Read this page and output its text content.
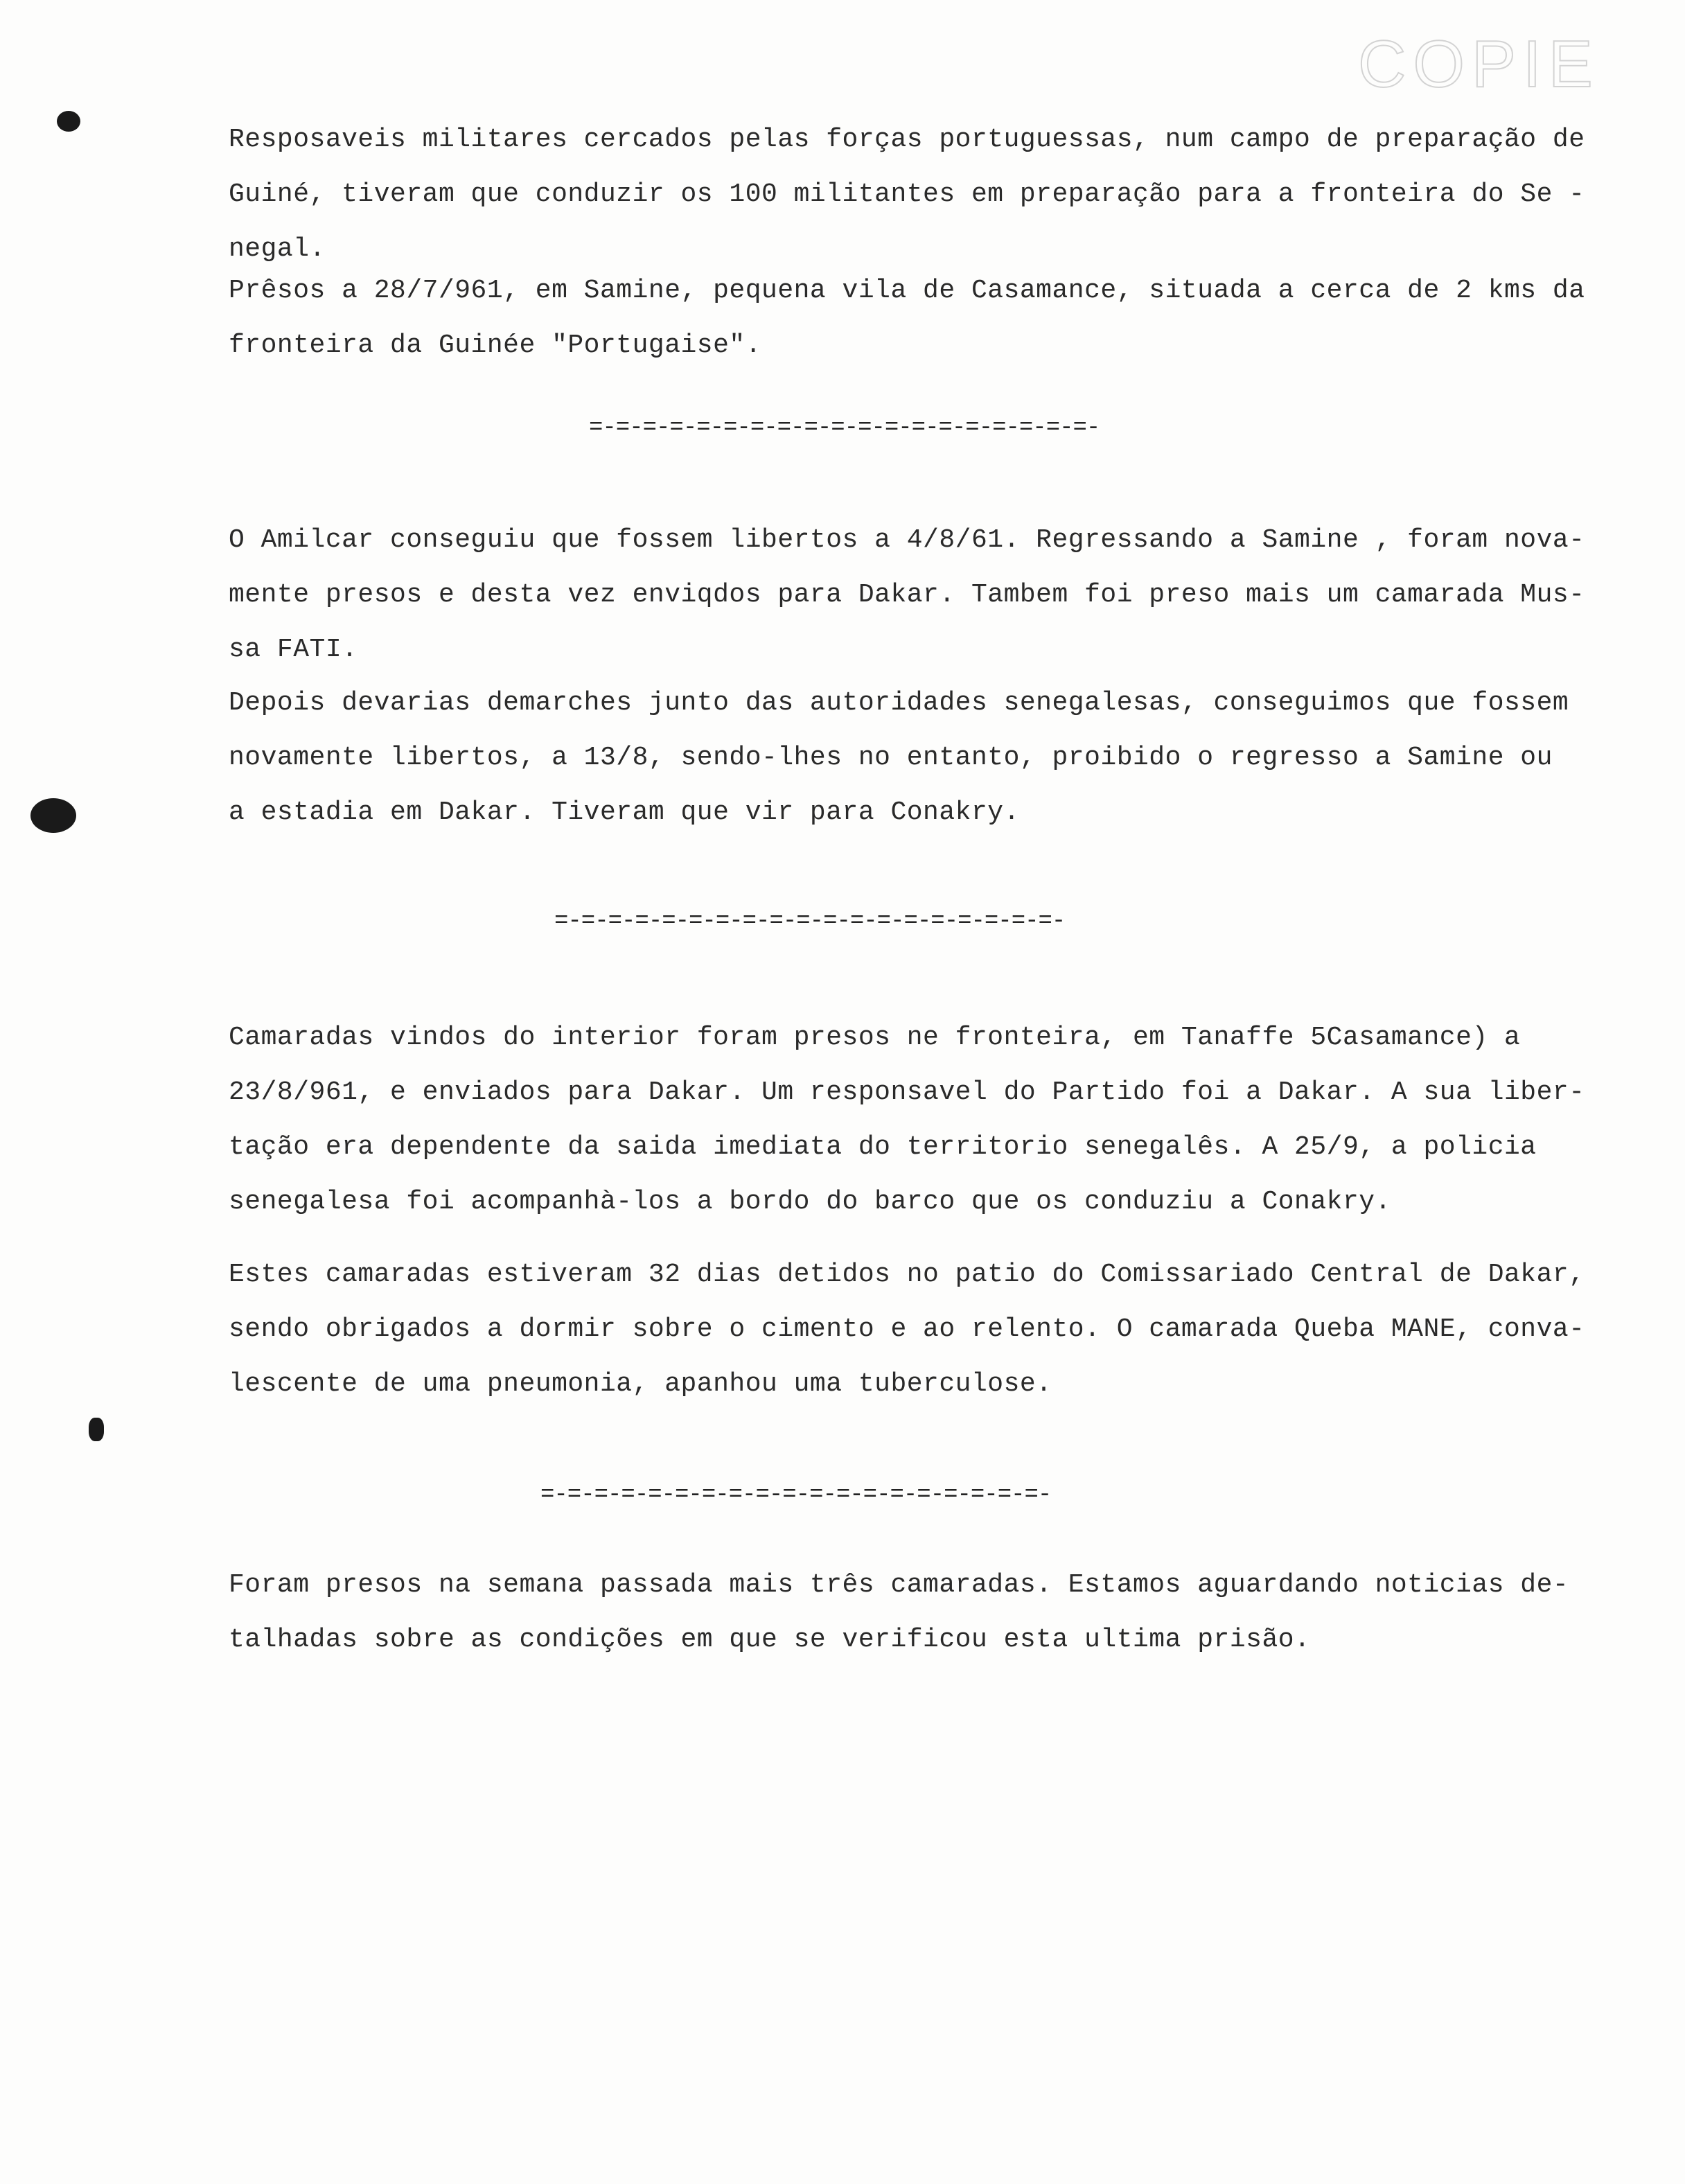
COPIE

Resposaveis militares cercados pelas forças portuguessas, num campo de preparação de
Guiné, tiveram que conduzir os 100 militantes em preparação para a fronteira do Se -
negal.

Prêsos a 28/7/961, em Samine, pequena vila de Casamance, situada a cerca de 2 kms da
fronteira da Guinée "Portugaise".

=-=-=-=-=-=-=-=-=-=-=-=-=-=-=-=-=-=-=-

O Amilcar conseguiu que fossem libertos a 4/8/61. Regressando a Samine , foram nova-
mente presos e desta vez enviqdos para Dakar. Tambem foi preso mais um camarada Mus-
sa FATI.

Depois devarias demarches junto das autoridades senegalesas, conseguimos que fossem
novamente libertos, a 13/8, sendo-lhes no entanto, proibido o regresso a Samine ou
a estadia em Dakar. Tiveram que vir para Conakry.

=-=-=-=-=-=-=-=-=-=-=-=-=-=-=-=-=-=-=-

Camaradas vindos do interior foram presos ne fronteira, em Tanaffe 5Casamance) a
23/8/961, e enviados para Dakar. Um responsavel do Partido foi a Dakar. A sua liber-
tação era dependente da saida imediata do territorio senegalês. A 25/9, a policia
senegalesa foi acompanhà-los a bordo do barco que os conduziu a Conakry.

Estes camaradas estiveram 32 dias detidos no patio do Comissariado Central de Dakar,
sendo obrigados a dormir sobre o cimento e ao relento. O camarada Queba MANE, conva-
lescente de uma pneumonia, apanhou uma tuberculose.

=-=-=-=-=-=-=-=-=-=-=-=-=-=-=-=-=-=-=-

Foram presos na semana passada mais três camaradas. Estamos aguardando noticias de-
talhadas sobre as condições em que se verificou esta ultima prisão.
